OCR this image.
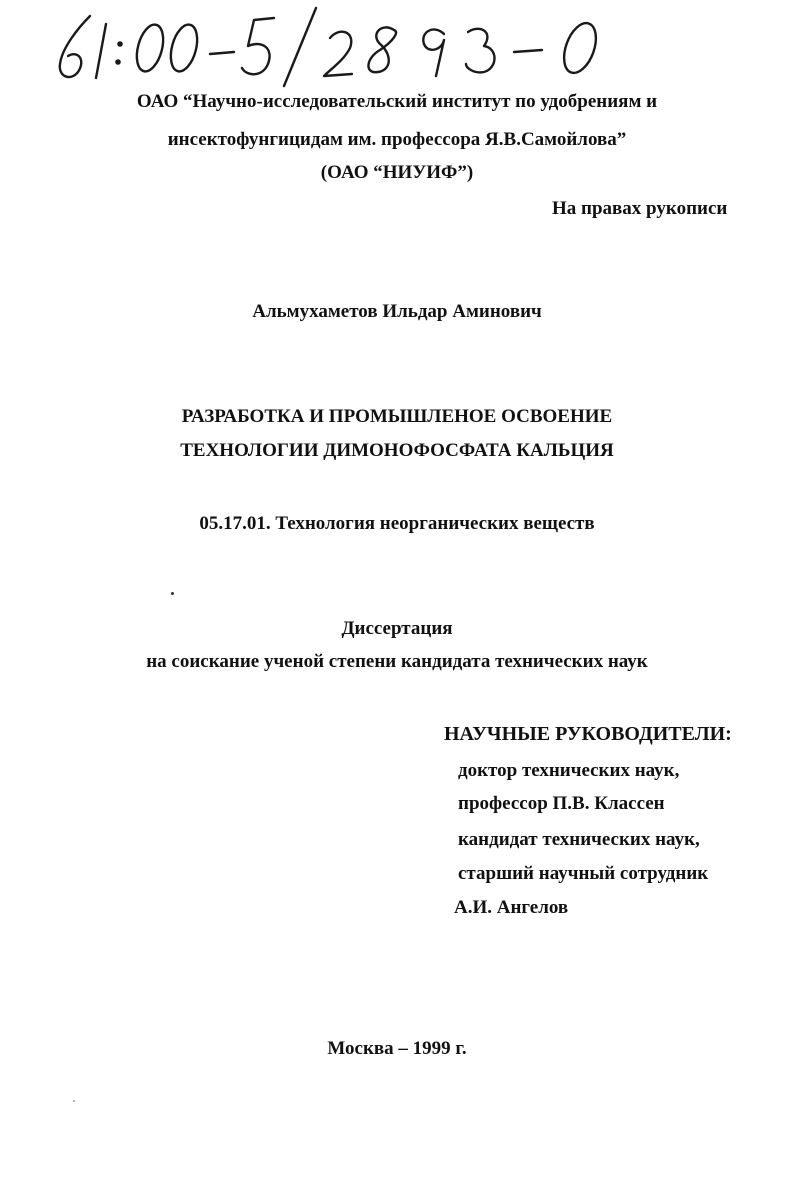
ОАО “Научно-исследовательский институт по удобрениям и
инсектофунгицидам им. профессора Я.В.Самойлова”
(ОАО “НИУИФ”)
На правах рукописи
Альмухаметов Ильдар Аминович
РАЗРАБОТКА И ПРОМЫШЛЕНОЕ ОСВОЕНИЕ
ТЕХНОЛОГИИ ДИМОНОФОСФАТА КАЛЬЦИЯ
05.17.01. Технология неорганических веществ
Диссертация
на соискание ученой степени кандидата технических наук
НАУЧНЫЕ РУКОВОДИТЕЛИ:
доктор технических наук,
профессор П.В. Классен
кандидат технических наук,
старший научный сотрудник
А.И. Ангелов
Москва – 1999 г.
